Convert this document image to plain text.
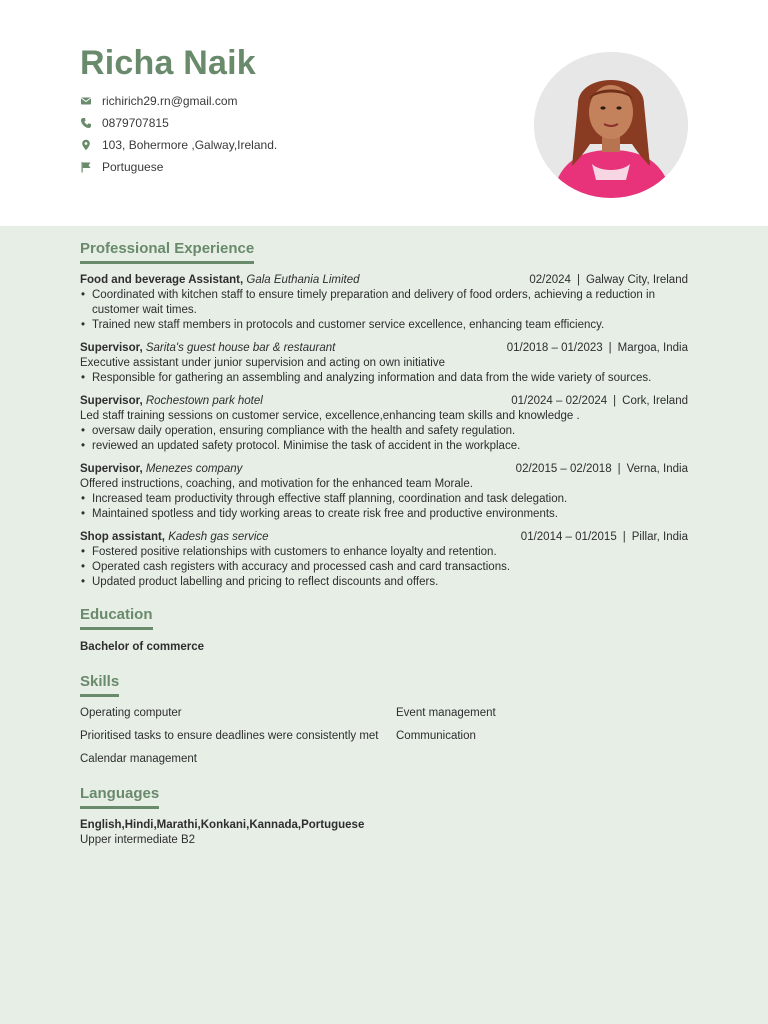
Richa Naik
richirich29.rn@gmail.com
0879707815
103, Bohermore ,Galway,Ireland.
Portuguese
Professional Experience
Food and beverage Assistant, Gala Euthania Limited	02/2024 | Galway City, Ireland
• Coordinated with kitchen staff to ensure timely preparation and delivery of food orders, achieving a reduction in customer wait times.
• Trained new staff members in protocols and customer service excellence, enhancing team efficiency.
Supervisor, Sarita's guest house bar & restaurant	01/2018 – 01/2023 | Margoa, India
Executive assistant under junior supervision and acting on own initiative
• Responsible for gathering an assembling and analyzing information and data from the wide variety of sources.
Supervisor, Rochestown park hotel	01/2024 – 02/2024 | Cork, Ireland
Led staff training sessions on customer service, excellence,enhancing team skills and knowledge .
• oversaw daily operation, ensuring compliance with the health and safety regulation.
• reviewed an updated safety protocol. Minimise the task of accident in the workplace.
Supervisor, Menezes company	02/2015 – 02/2018 | Verna, India
Offered instructions, coaching, and motivation for the enhanced team Morale.
• Increased team productivity through effective staff planning, coordination and task delegation.
• Maintained spotless and tidy working areas to create risk free and productive environments.
Shop assistant, Kadesh gas service	01/2014 – 01/2015 | Pillar, India
• Fostered positive relationships with customers to enhance loyalty and retention.
• Operated cash registers with accuracy and processed cash and card transactions.
• Updated product labelling and pricing to reflect discounts and offers.
Education
Bachelor of commerce
Skills
Operating computer	Event management
Prioritised tasks to ensure deadlines were consistently met	Communication
Calendar management
Languages
English,Hindi,Marathi,Konkani,Kannada,Portuguese
Upper intermediate B2
